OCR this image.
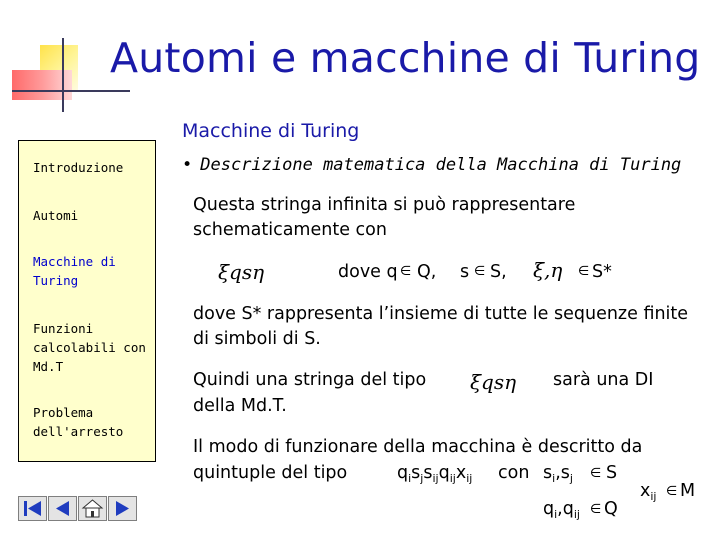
Automi e macchine di Turing
Introduzione
Automi
Macchine di
Turing
Funzioni
calcolabili con
Md.T
Problema
dell'arresto
Macchine di Turing
• Descrizione matematica della Macchina di Turing
Questa stringa infinita si può rappresentare schematicamente con
ξqsη	dove q ∈ Q, s ∈ S, ξ,η ∈ S*
dove S* rappresenta l’insieme di tutte le sequenze finite di simboli di S.
Quindi una stringa del tipo ξqsη sarà una DI
della Md.T.
Il modo di funzionare della macchina è descritto da
quintuple del tipo	$q_is_js_{ij}q_{ij}x_{ij}$ con $s_i,s_j$ ∈ S
$x_{ij}$ ∈ M
$q_i,q_{ij}$ ∈ Q
